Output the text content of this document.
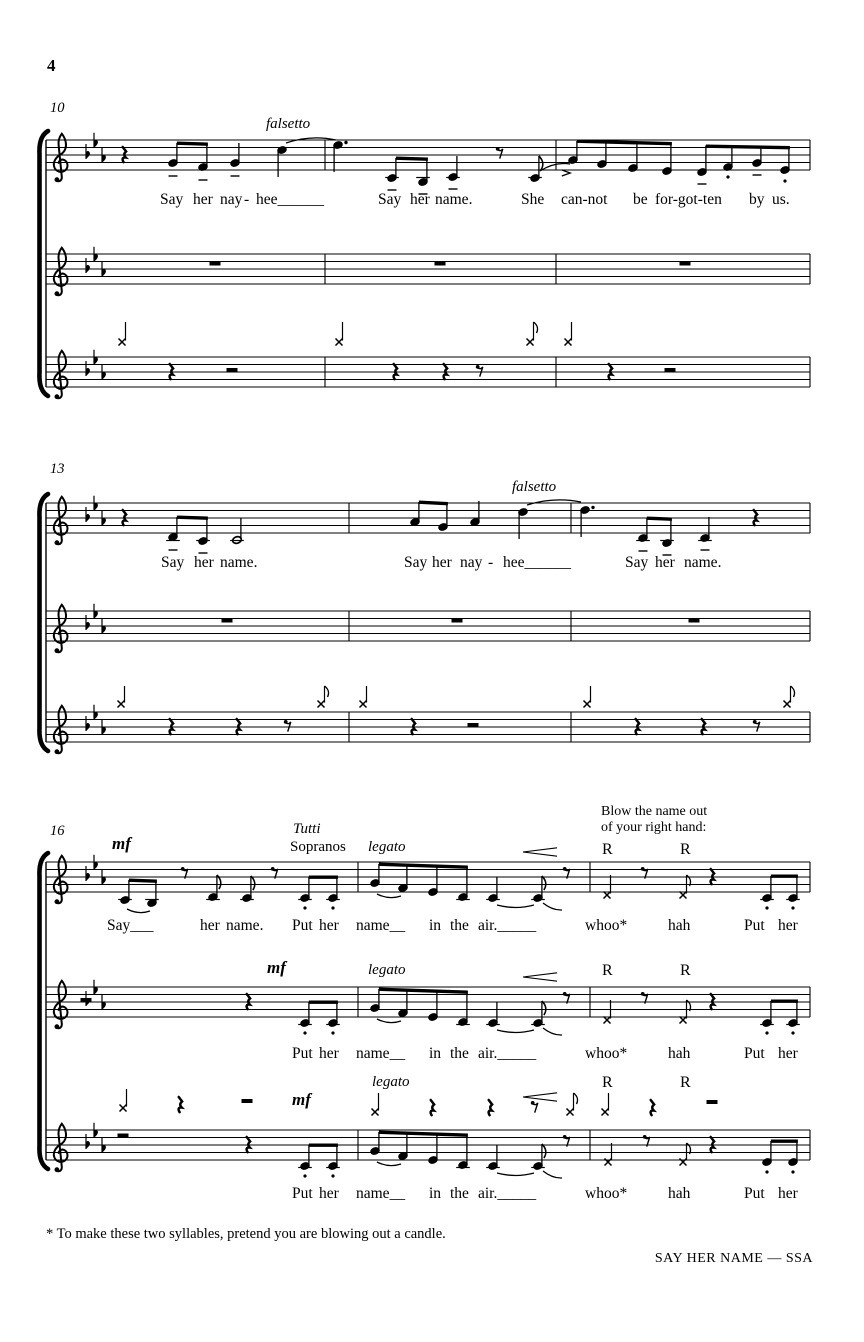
4
10
falsetto
Say her nay - hee______	Say her name.	She can-not be for-got-ten by us.
13
falsetto
Say her name.	Say her nay - hee______	Say her name.
16
mf
Tutti
Sopranos legato
Blow the name out
of your right hand:
R	R
mf	legato	R	R
legato
mf
R	R
Say___	her name. Put her name__ in the air._____	whoo*	hah	Put her
Put her name__ in the air._____	whoo*	hah	Put her
Put her name__ in the air._____	whoo*	hah	Put her
* To make these two syllables, pretend you are blowing out a candle.
SAY HER NAME — SSA
